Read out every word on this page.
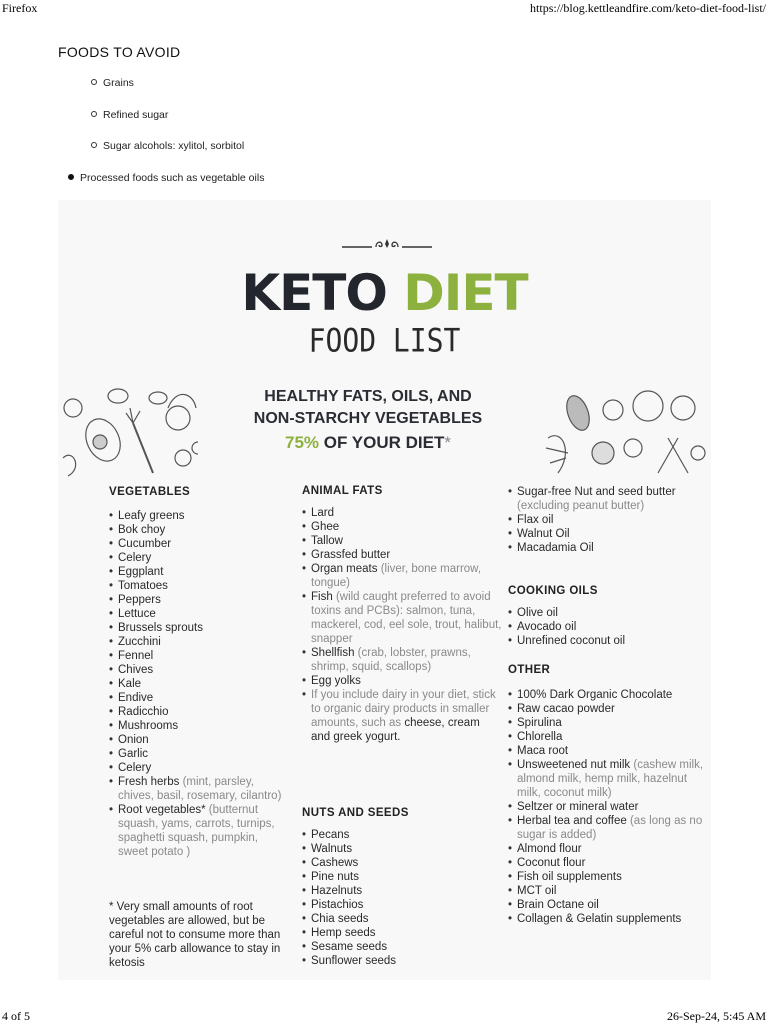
Firefox	https://blog.kettleandfire.com/keto-diet-food-list/
FOODS TO AVOID
Grains
Refined sugar
Sugar alcohols: xylitol, sorbitol
Processed foods such as vegetable oils
KETO DIET
FOOD LIST
HEALTHY FATS, OILS, AND
NON-STARCHY VEGETABLES
75% OF YOUR DIET*
VEGETABLES
• Leafy greens
• Bok choy
• Cucumber
• Celery
• Eggplant
• Tomatoes
• Peppers
• Lettuce
• Brussels sprouts
• Zucchini
• Fennel
• Chives
• Kale
• Endive
• Radicchio
• Mushrooms
• Onion
• Garlic
• Celery
• Fresh herbs (mint, parsley, chives, basil, rosemary, cilantro)
• Root vegetables* (butternut squash, yams, carrots, turnips, spaghetti squash, pumpkin, sweet potato )
* Very small amounts of root vegetables are allowed, but be careful not to consume more than your 5% carb allowance to stay in ketosis
ANIMAL FATS
• Lard
• Ghee
• Tallow
• Grassfed butter
• Organ meats (liver, bone marrow, tongue)
• Fish (wild caught preferred to avoid toxins and PCBs): salmon, tuna, mackerel, cod, eel sole, trout, halibut, snapper
• Shellfish (crab, lobster, prawns, shrimp, squid, scallops)
• Egg yolks
• If you include dairy in your diet, stick to organic dairy products in smaller amounts, such as cheese, cream and greek yogurt.
NUTS AND SEEDS
• Pecans
• Walnuts
• Cashews
• Pine nuts
• Hazelnuts
• Pistachios
• Chia seeds
• Hemp seeds
• Sesame seeds
• Sunflower seeds
• Sugar-free Nut and seed butter (excluding peanut butter)
• Flax oil
• Walnut Oil
• Macadamia Oil
COOKING OILS
• Olive oil
• Avocado oil
• Unrefined coconut oil
OTHER
• 100% Dark Organic Chocolate
• Raw cacao powder
• Spirulina
• Chlorella
• Maca root
• Unsweetened nut milk (cashew milk, almond milk, hemp milk, hazelnut milk, coconut milk)
• Seltzer or mineral water
• Herbal tea and coffee (as long as no sugar is added)
• Almond flour
• Coconut flour
• Fish oil supplements
• MCT oil
• Brain Octane oil
• Collagen & Gelatin supplements
4 of 5	26-Sep-24, 5:45 AM
